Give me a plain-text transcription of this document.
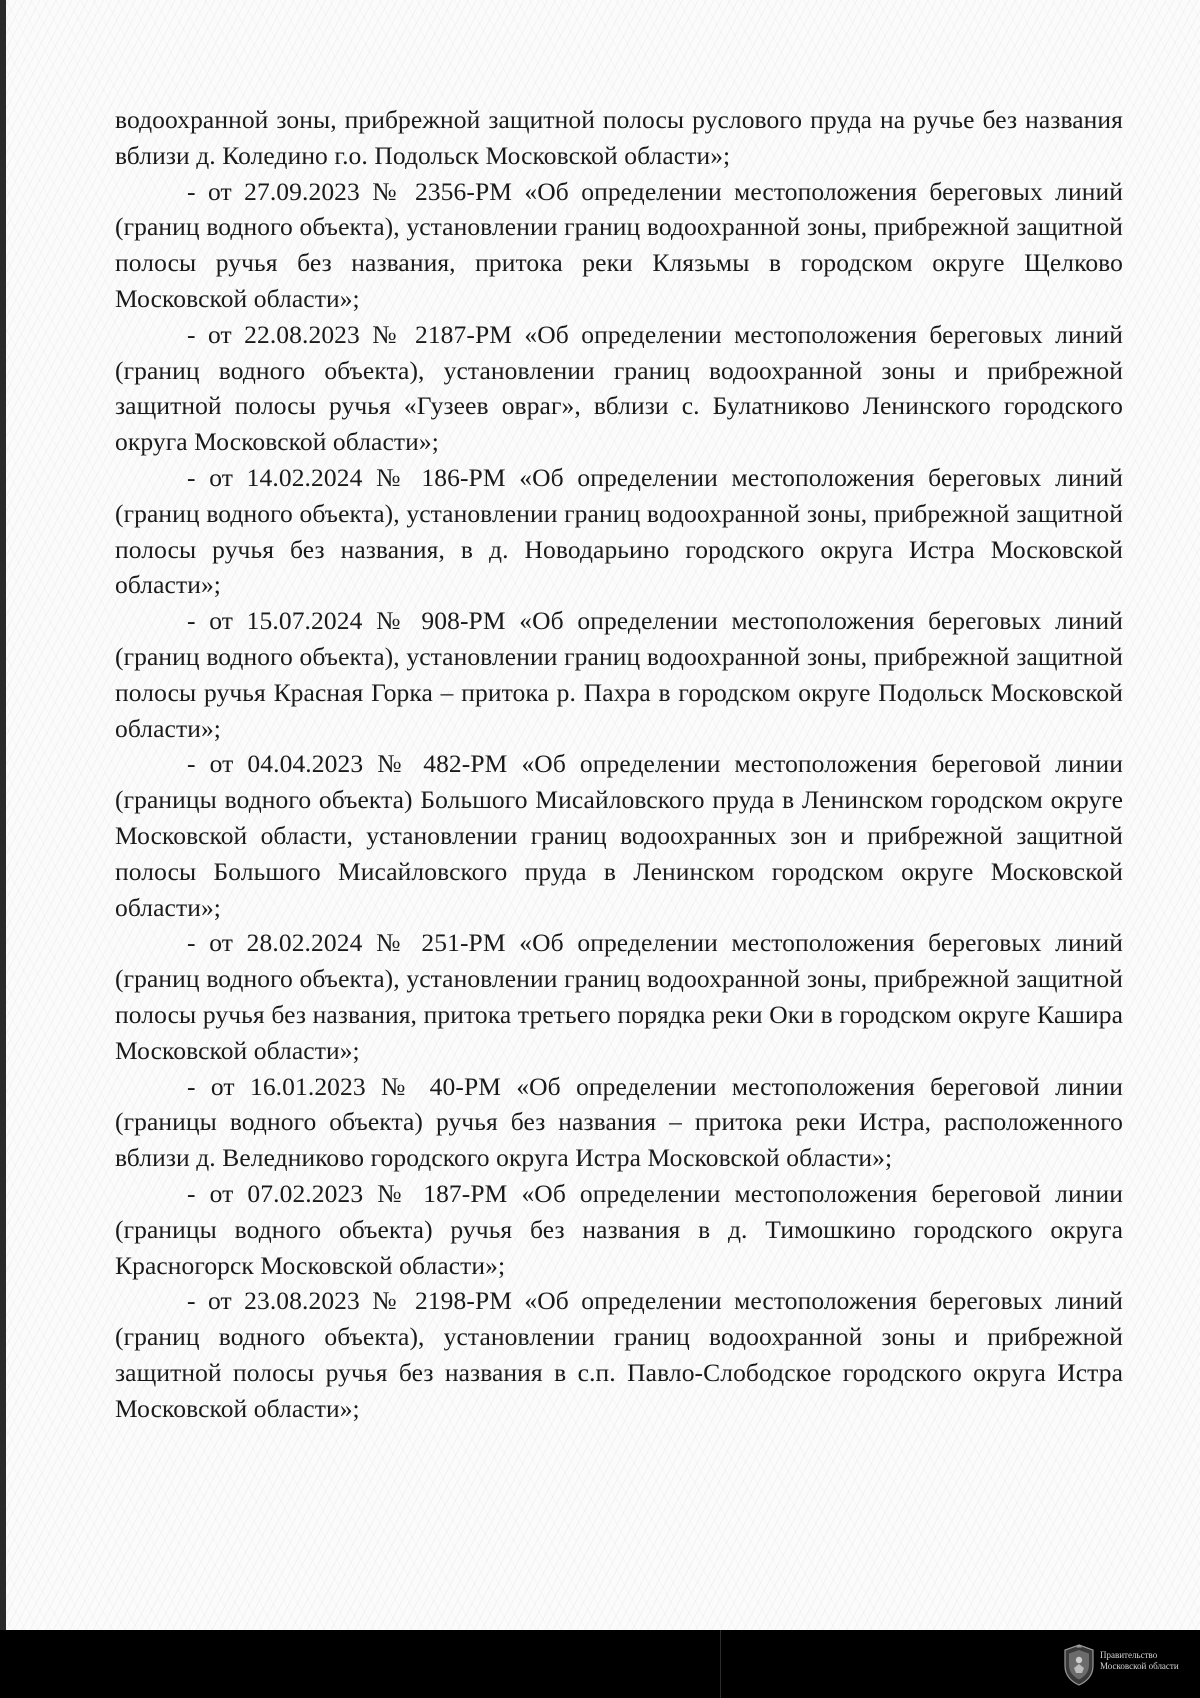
водоохранной зоны, прибрежной защитной полосы руслового пруда на ручье без названия вблизи д. Коледино г.о. Подольск Московской области»;

- от 27.09.2023 № 2356-РМ «Об определении местоположения береговых линий (границ водного объекта), установлении границ водоохранной зоны, прибрежной защитной полосы ручья без названия, притока реки Клязьмы в городском округе Щелково Московской области»;

- от 22.08.2023 № 2187-РМ «Об определении местоположения береговых линий (границ водного объекта), установлении границ водоохранной зоны и прибрежной защитной полосы ручья «Гузеев овраг», вблизи с. Булатниково Ленинского городского округа Московской области»;

- от 14.02.2024 № 186-РМ «Об определении местоположения береговых линий (границ водного объекта), установлении границ водоохранной зоны, прибрежной защитной полосы ручья без названия, в д. Новодарьино городского округа Истра Московской области»;

- от 15.07.2024 № 908-РМ «Об определении местоположения береговых линий (границ водного объекта), установлении границ водоохранной зоны, прибрежной защитной полосы ручья Красная Горка – притока р. Пахра в городском округе Подольск Московской области»;

- от 04.04.2023 № 482-РМ «Об определении местоположения береговой линии (границы водного объекта) Большого Мисайловского пруда в Ленинском городском округе Московской области, установлении границ водоохранных зон и прибрежной защитной полосы Большого Мисайловского пруда в Ленинском городском округе Московской области»;

- от 28.02.2024 № 251-РМ «Об определении местоположения береговых линий (границ водного объекта), установлении границ водоохранной зоны, прибрежной защитной полосы ручья без названия, притока третьего порядка реки Оки в городском округе Кашира Московской области»;

- от 16.01.2023 № 40-РМ «Об определении местоположения береговой линии (границы водного объекта) ручья без названия – притока реки Истра, расположенного вблизи д. Веледниково городского округа Истра Московской области»;

- от 07.02.2023 № 187-РМ «Об определении местоположения береговой линии (границы водного объекта) ручья без названия в д. Тимошкино городского округа Красногорск Московской области»;

- от 23.08.2023 № 2198-РМ «Об определении местоположения береговых линий (границ водного объекта), установлении границ водоохранной зоны и прибрежной защитной полосы ручья без названия в с.п. Павло-Слободское городского округа Истра Московской области»;

Правительство
Московской области
